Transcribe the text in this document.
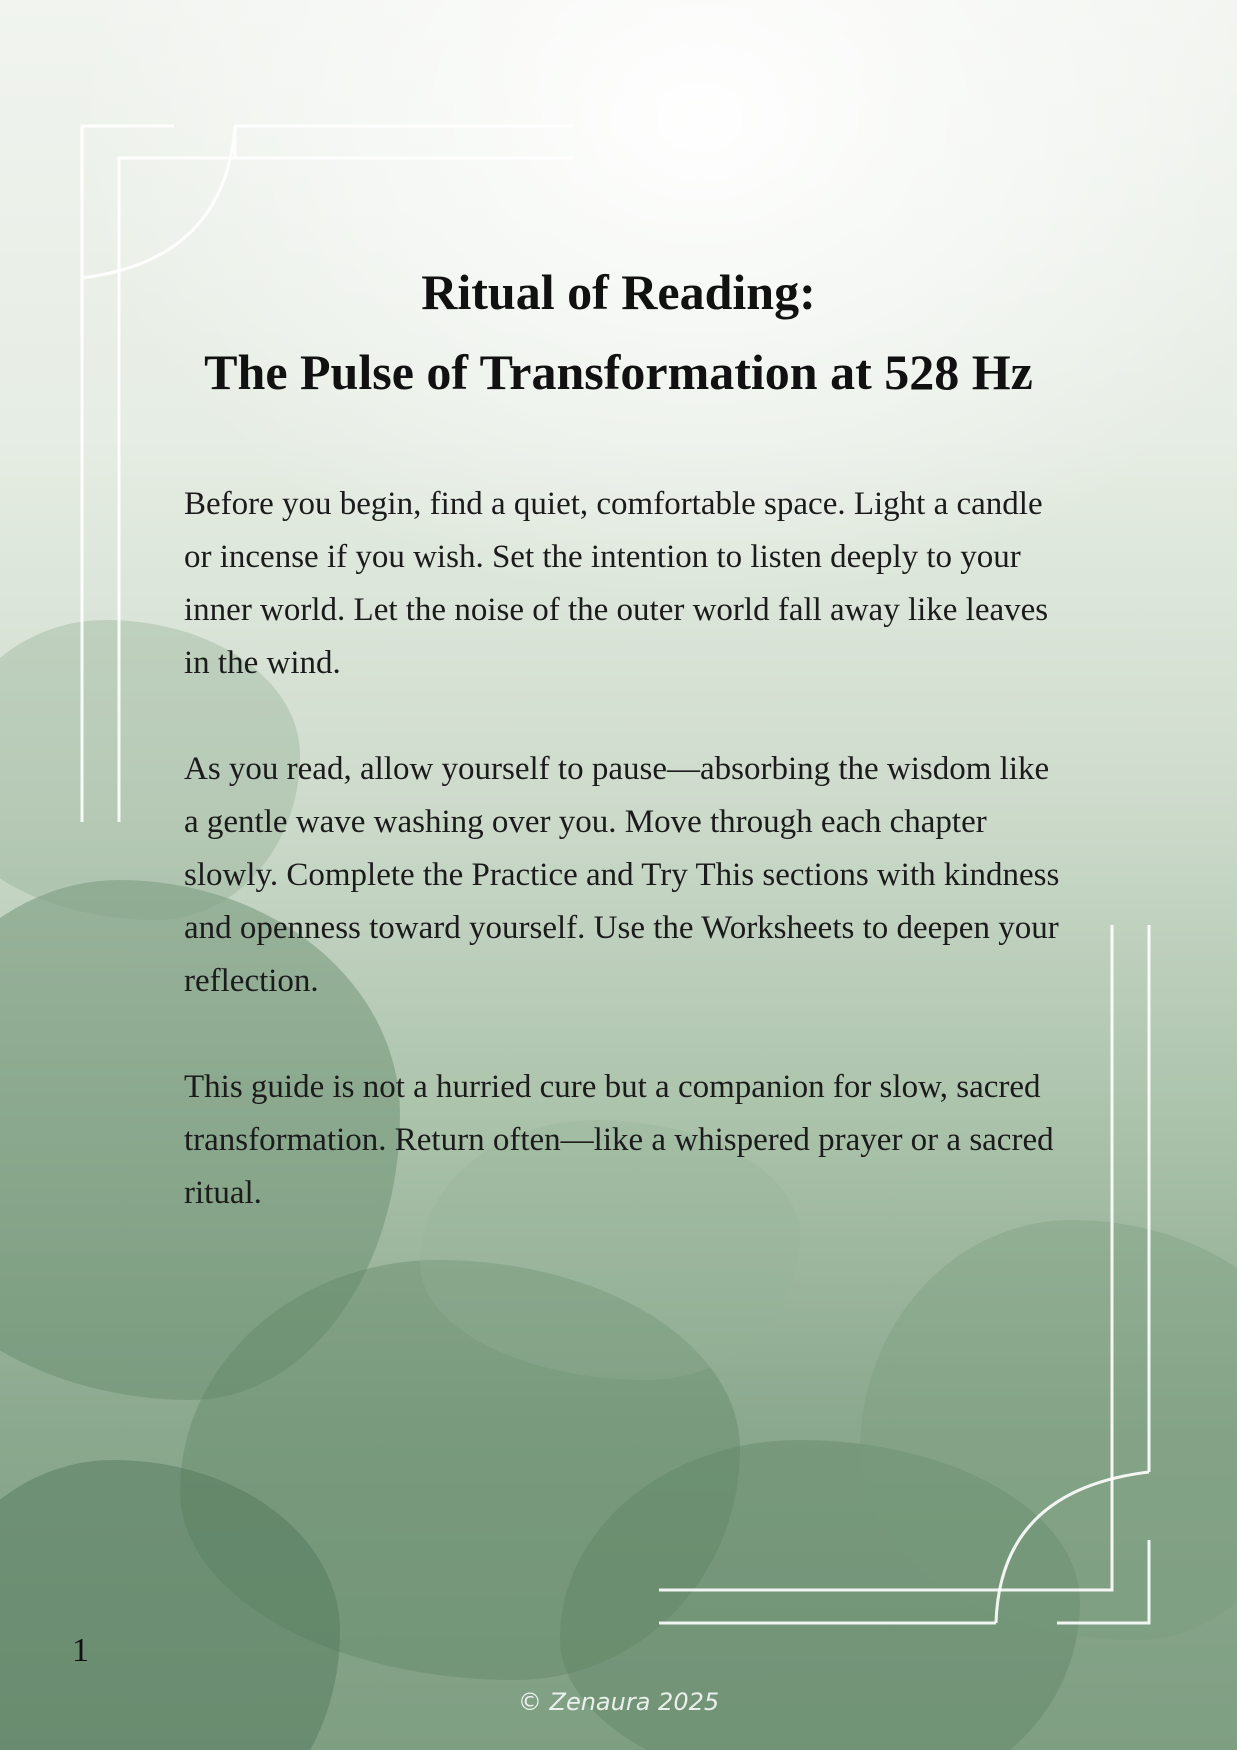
Ritual of Reading:
The Pulse of Transformation at 528 Hz

Before you begin, find a quiet, comfortable space. Light a candle or incense if you wish. Set the intention to listen deeply to your inner world. Let the noise of the outer world fall away like leaves in the wind.

As you read, allow yourself to pause—absorbing the wisdom like a gentle wave washing over you. Move through each chapter slowly. Complete the Practice and Try This sections with kindness and openness toward yourself. Use the Worksheets to deepen your reflection.

This guide is not a hurried cure but a companion for slow, sacred transformation. Return often—like a whispered prayer or a sacred ritual.

1
© Zenaura 2025
